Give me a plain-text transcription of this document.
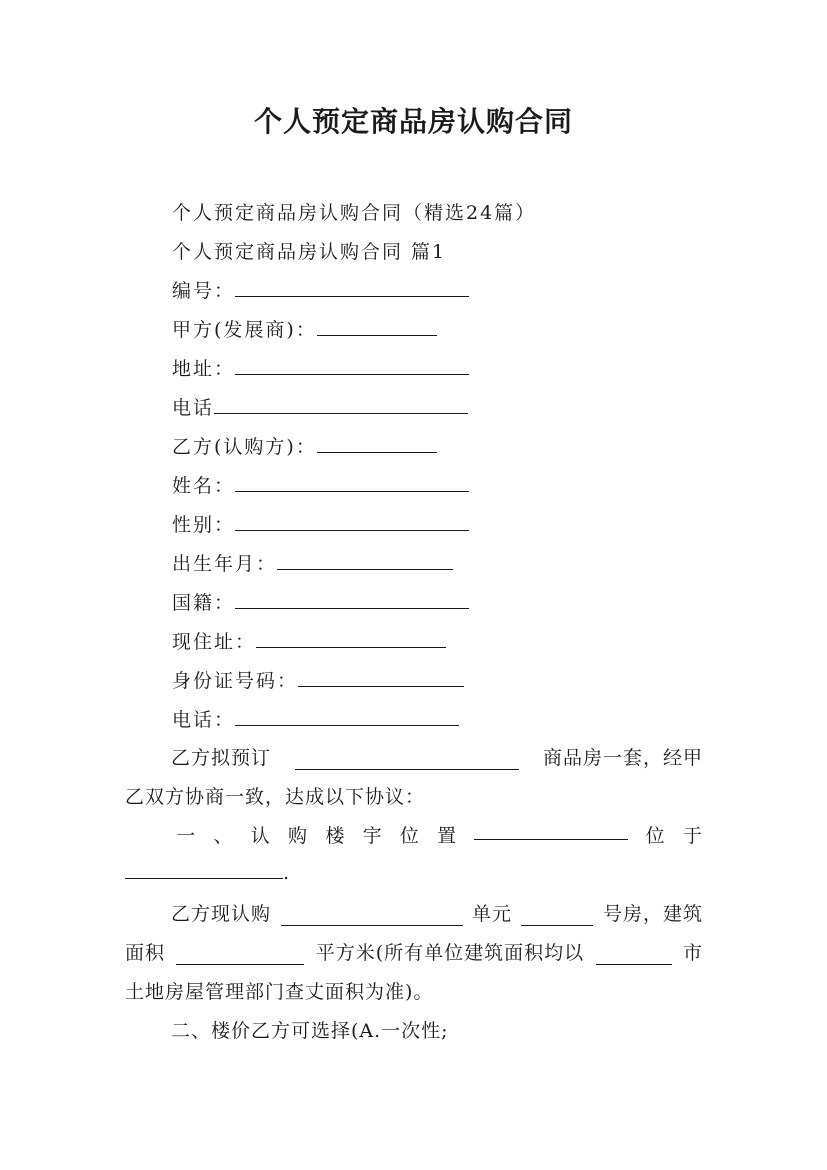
个人预定商品房认购合同
个人预定商品房认购合同（精选24篇）
个人预定商品房认购合同 篇1
编号：
甲方(发展商)：
地址：
电话
乙方(认购方)：
姓名：
性别：
出生年月：
国籍：
现住址：
身份证号码：
电话：
乙方拟预订	商品房一套，经甲
乙双方协商一致，达成以下协议：
一 、 认 购 楼 宇 位 置	位 于
.
乙方现认购	单元	号房，建筑
面积	平方米(所有单位建筑面积均以	市
土地房屋管理部门查丈面积为准)。
二、楼价乙方可选择(A.一次性;
